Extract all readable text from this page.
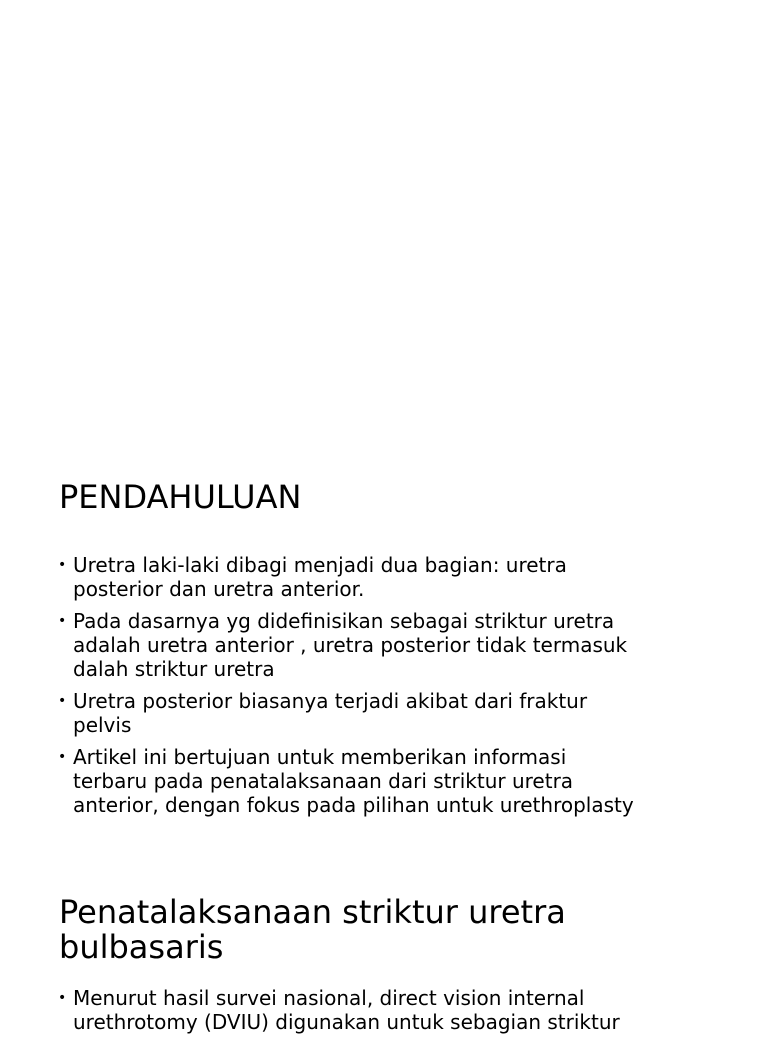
PENDAHULUAN
• Uretra laki-laki dibagi menjadi dua bagian: uretra
posterior dan uretra anterior.
• Pada dasarnya yg didefinisikan sebagai striktur uretra
adalah uretra anterior , uretra posterior tidak termasuk
dalah striktur uretra
• Uretra posterior biasanya terjadi akibat dari fraktur
pelvis
• Artikel ini bertujuan untuk memberikan informasi
terbaru pada penatalaksanaan dari striktur uretra
anterior, dengan fokus pada pilihan untuk urethroplasty
Penatalaksanaan striktur uretra
bulbasaris
• Menurut hasil survei nasional, direct vision internal
urethrotomy (DVIU) digunakan untuk sebagian striktur
